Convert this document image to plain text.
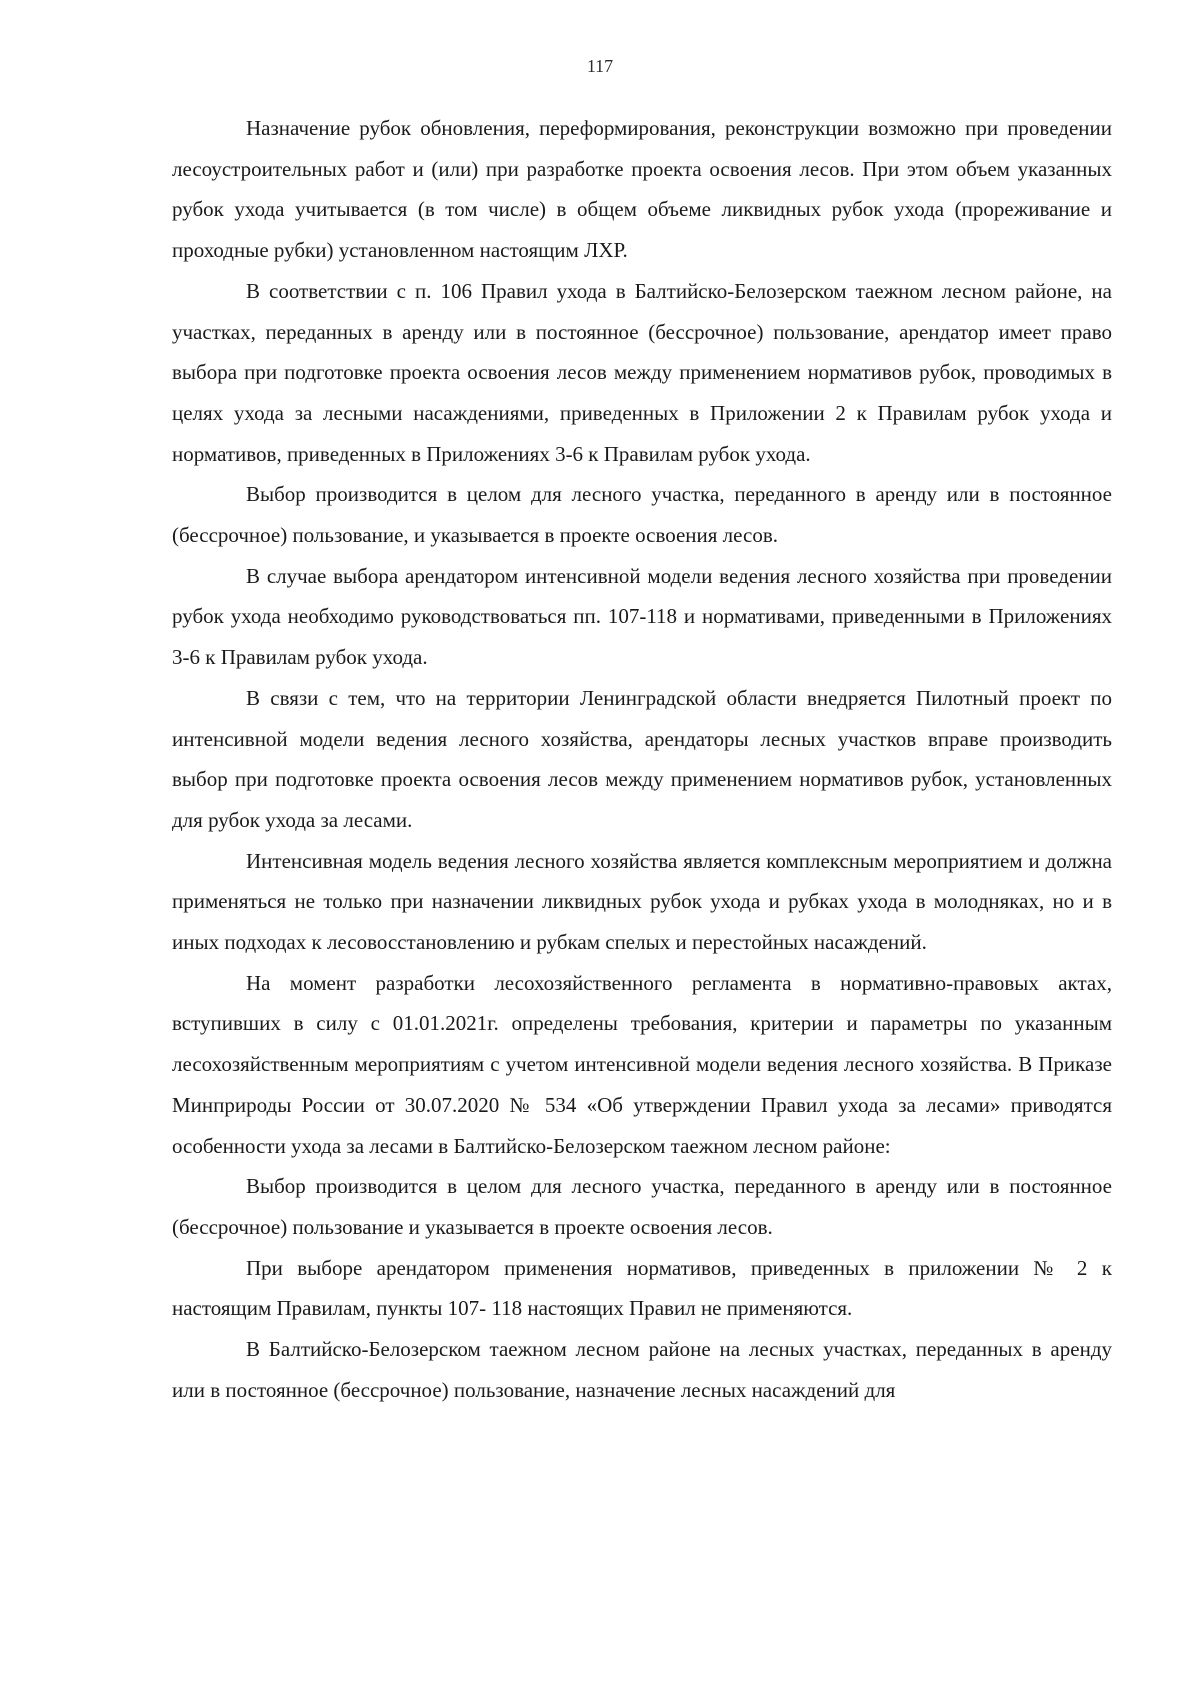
117

Назначение рубок обновления, переформирования, реконструкции возможно при проведении лесоустроительных работ и (или) при разработке проекта освоения лесов. При этом объем указанных рубок ухода учитывается (в том числе) в общем объеме ликвидных рубок ухода (прореживание и проходные рубки) установленном настоящим ЛХР.

В соответствии с п. 106 Правил ухода в Балтийско-Белозерском таежном лесном районе, на участках, переданных в аренду или в постоянное (бессрочное) пользование, арендатор имеет право выбора при подготовке проекта освоения лесов между применением нормативов рубок, проводимых в целях ухода за лесными насаждениями, приведенных в Приложении 2 к Правилам рубок ухода и нормативов, приведенных в Приложениях 3-6 к Правилам рубок ухода.

Выбор производится в целом для лесного участка, переданного в аренду или в постоянное (бессрочное) пользование, и указывается в проекте освоения лесов.

В случае выбора арендатором интенсивной модели ведения лесного хозяйства при проведении рубок ухода необходимо руководствоваться пп. 107-118 и нормативами, приведенными в Приложениях 3-6 к Правилам рубок ухода.

В связи с тем, что на территории Ленинградской области внедряется Пилотный проект по интенсивной модели ведения лесного хозяйства, арендаторы лесных участков вправе производить выбор при подготовке проекта освоения лесов между применением нормативов рубок, установленных для рубок ухода за лесами.

Интенсивная модель ведения лесного хозяйства является комплексным мероприятием и должна применяться не только при назначении ликвидных рубок ухода и рубках ухода в молодняках, но и в иных подходах к лесовосстановлению и рубкам спелых и перестойных насаждений.

На момент разработки лесохозяйственного регламента в нормативно-правовых актах, вступивших в силу с 01.01.2021г. определены требования, критерии и параметры по указанным лесохозяйственным мероприятиям с учетом интенсивной модели ведения лесного хозяйства. В Приказе Минприроды России от 30.07.2020 № 534 «Об утверждении Правил ухода за лесами» приводятся особенности ухода за лесами в Балтийско-Белозерском таежном лесном районе:

Выбор производится в целом для лесного участка, переданного в аренду или в постоянное (бессрочное) пользование и указывается в проекте освоения лесов.

При выборе арендатором применения нормативов, приведенных в приложении № 2 к настоящим Правилам, пункты 107- 118 настоящих Правил не применяются.

В Балтийско-Белозерском таежном лесном районе на лесных участках, переданных в аренду или в постоянное (бессрочное) пользование, назначение лесных насаждений для
